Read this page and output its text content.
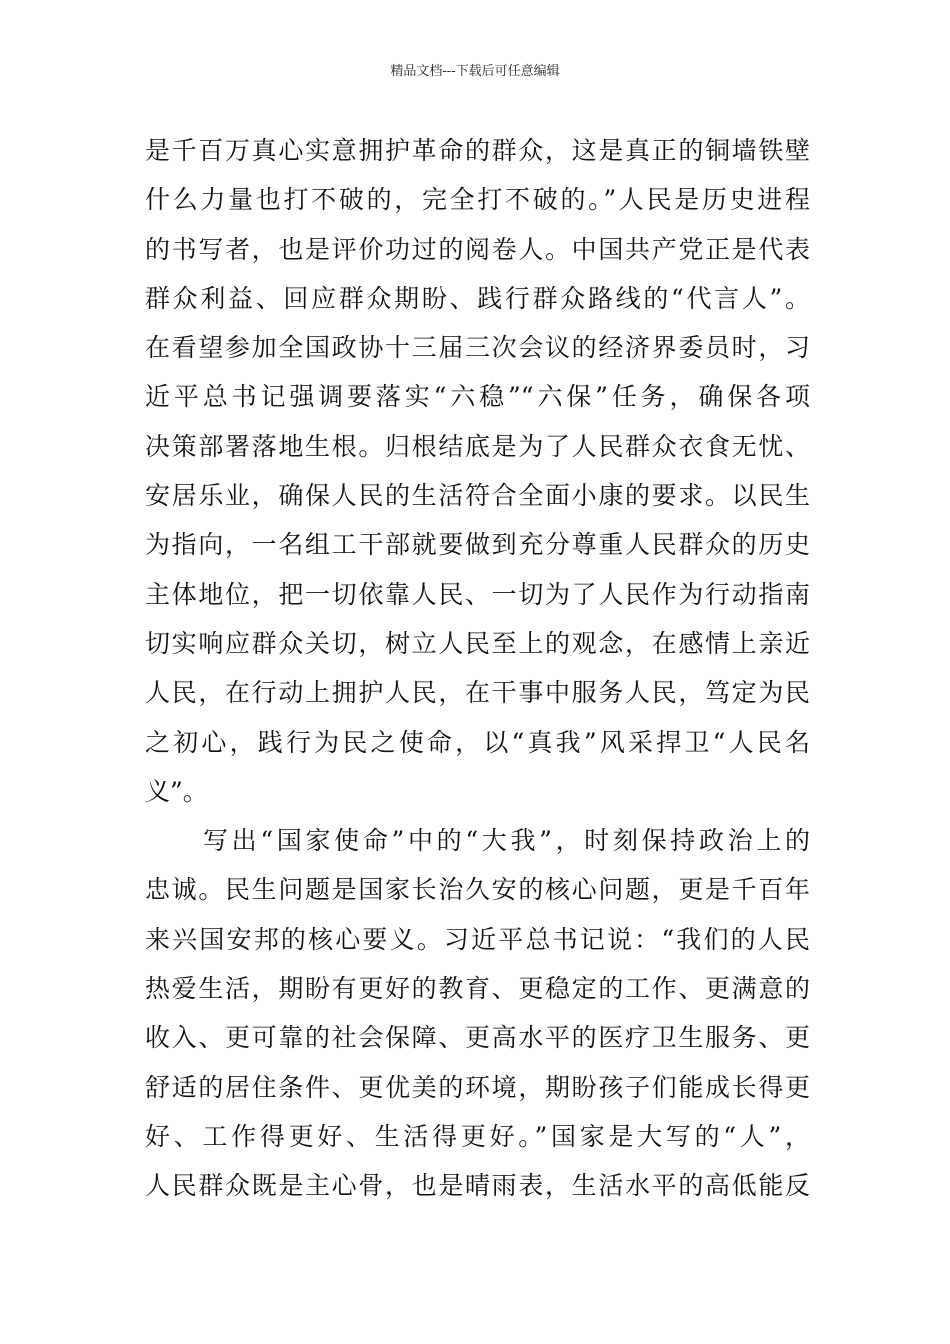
精品文档---下载后可任意编辑
是千百万真心实意拥护革命的群众，这是真正的铜墙铁壁
什么力量也打不破的，完全打不破的。”人民是历史进程
的书写者，也是评价功过的阅卷人。中国共产党正是代表
群众利益、回应群众期盼、践行群众路线的“代言人”。
在看望参加全国政协十三届三次会议的经济界委员时，习
近平总书记强调要落实“六稳”“六保”任务，确保各项
决策部署落地生根。归根结底是为了人民群众衣食无忧、
安居乐业，确保人民的生活符合全面小康的要求。以民生
为指向，一名组工干部就要做到充分尊重人民群众的历史
主体地位，把一切依靠人民、一切为了人民作为行动指南
切实响应群众关切，树立人民至上的观念，在感情上亲近
人民，在行动上拥护人民，在干事中服务人民，笃定为民
之初心，践行为民之使命，以“真我”风采捍卫“人民名
义”。
写出“国家使命”中的“大我”，时刻保持政治上的
忠诚。民生问题是国家长治久安的核心问题，更是千百年
来兴国安邦的核心要义。习近平总书记说：“我们的人民
热爱生活，期盼有更好的教育、更稳定的工作、更满意的
收入、更可靠的社会保障、更高水平的医疗卫生服务、更
舒适的居住条件、更优美的环境，期盼孩子们能成长得更
好、工作得更好、生活得更好。”国家是大写的“人”，
人民群众既是主心骨，也是晴雨表，生活水平的高低能反
